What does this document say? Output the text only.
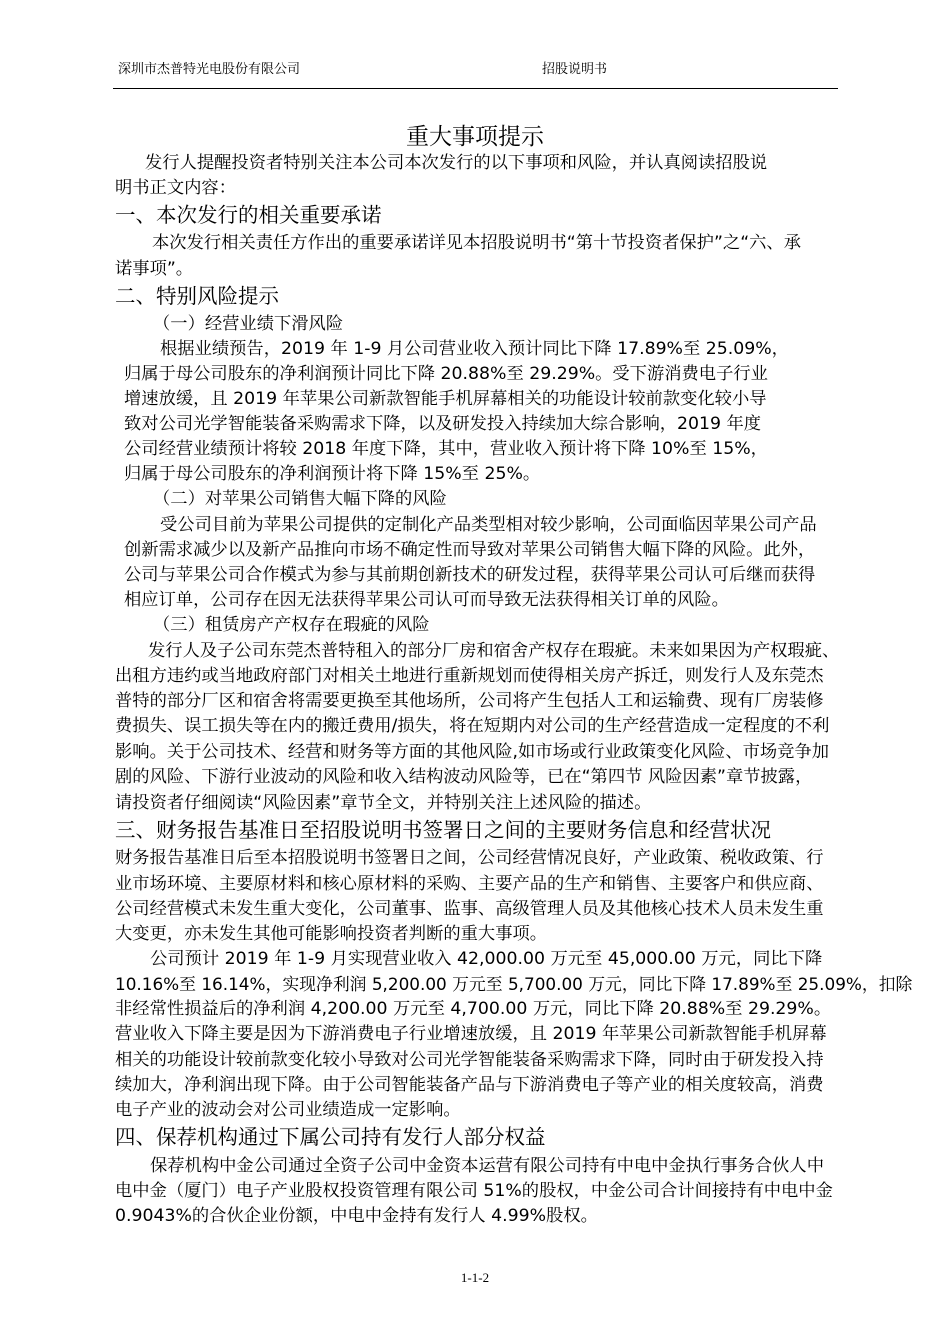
深圳市杰普特光电股份有限公司	招股说明书
重大事项提示
发行人提醒投资者特别关注本公司本次发行的以下事项和风险，并认真阅读招股说
明书正文内容：
一、本次发行的相关重要承诺
本次发行相关责任方作出的重要承诺详见本招股说明书“第十节投资者保护”之“六、承
诺事项”。
二、特别风险提示
（一）经营业绩下滑风险
根据业绩预告，2019 年 1-9 月公司营业收入预计同比下降 17.89%至 25.09%，
归属于母公司股东的净利润预计同比下降 20.88%至 29.29%。受下游消费电子行业
增速放缓，且 2019 年苹果公司新款智能手机屏幕相关的功能设计较前款变化较小导
致对公司光学智能装备采购需求下降，以及研发投入持续加大综合影响，2019 年度
公司经营业绩预计将较 2018 年度下降，其中，营业收入预计将下降 10%至 15%，
归属于母公司股东的净利润预计将下降 15%至 25%。
（二）对苹果公司销售大幅下降的风险
受公司目前为苹果公司提供的定制化产品类型相对较少影响，公司面临因苹果公司产品
创新需求减少以及新产品推向市场不确定性而导致对苹果公司销售大幅下降的风险。此外，
公司与苹果公司合作模式为参与其前期创新技术的研发过程，获得苹果公司认可后继而获得
相应订单，公司存在因无法获得苹果公司认可而导致无法获得相关订单的风险。
（三）租赁房产产权存在瑕疵的风险
发行人及子公司东莞杰普特租入的部分厂房和宿舍产权存在瑕疵。未来如果因为产权瑕疵、
出租方违约或当地政府部门对相关土地进行重新规划而使得相关房产拆迁，则发行人及东莞杰
普特的部分厂区和宿舍将需要更换至其他场所，公司将产生包括人工和运输费、现有厂房装修
费损失、误工损失等在内的搬迁费用/损失，将在短期内对公司的生产经营造成一定程度的不利
影响。关于公司技术、经营和财务等方面的其他风险,如市场或行业政策变化风险、市场竞争加
剧的风险、下游行业波动的风险和收入结构波动风险等，已在“第四节 风险因素”章节披露，
请投资者仔细阅读“风险因素”章节全文，并特别关注上述风险的描述。
三、财务报告基准日至招股说明书签署日之间的主要财务信息和经营状况
财务报告基准日后至本招股说明书签署日之间，公司经营情况良好，产业政策、税收政策、行
业市场环境、主要原材料和核心原材料的采购、主要产品的生产和销售、主要客户和供应商、
公司经营模式未发生重大变化，公司董事、监事、高级管理人员及其他核心技术人员未发生重
大变更，亦未发生其他可能影响投资者判断的重大事项。
公司预计 2019 年 1-9 月实现营业收入 42,000.00 万元至 45,000.00 万元，同比下降
10.16%至 16.14%，实现净利润 5,200.00 万元至 5,700.00 万元，同比下降 17.89%至 25.09%，扣除
非经常性损益后的净利润 4,200.00 万元至 4,700.00 万元，同比下降 20.88%至 29.29%。
营业收入下降主要是因为下游消费电子行业增速放缓，且 2019 年苹果公司新款智能手机屏幕
相关的功能设计较前款变化较小导致对公司光学智能装备采购需求下降，同时由于研发投入持
续加大，净利润出现下降。由于公司智能装备产品与下游消费电子等产业的相关度较高，消费
电子产业的波动会对公司业绩造成一定影响。
四、保荐机构通过下属公司持有发行人部分权益
保荐机构中金公司通过全资子公司中金资本运营有限公司持有中电中金执行事务合伙人中
电中金（厦门）电子产业股权投资管理有限公司 51%的股权，中金公司合计间接持有中电中金
0.9043%的合伙企业份额，中电中金持有发行人 4.99%股权。
1-1-2
